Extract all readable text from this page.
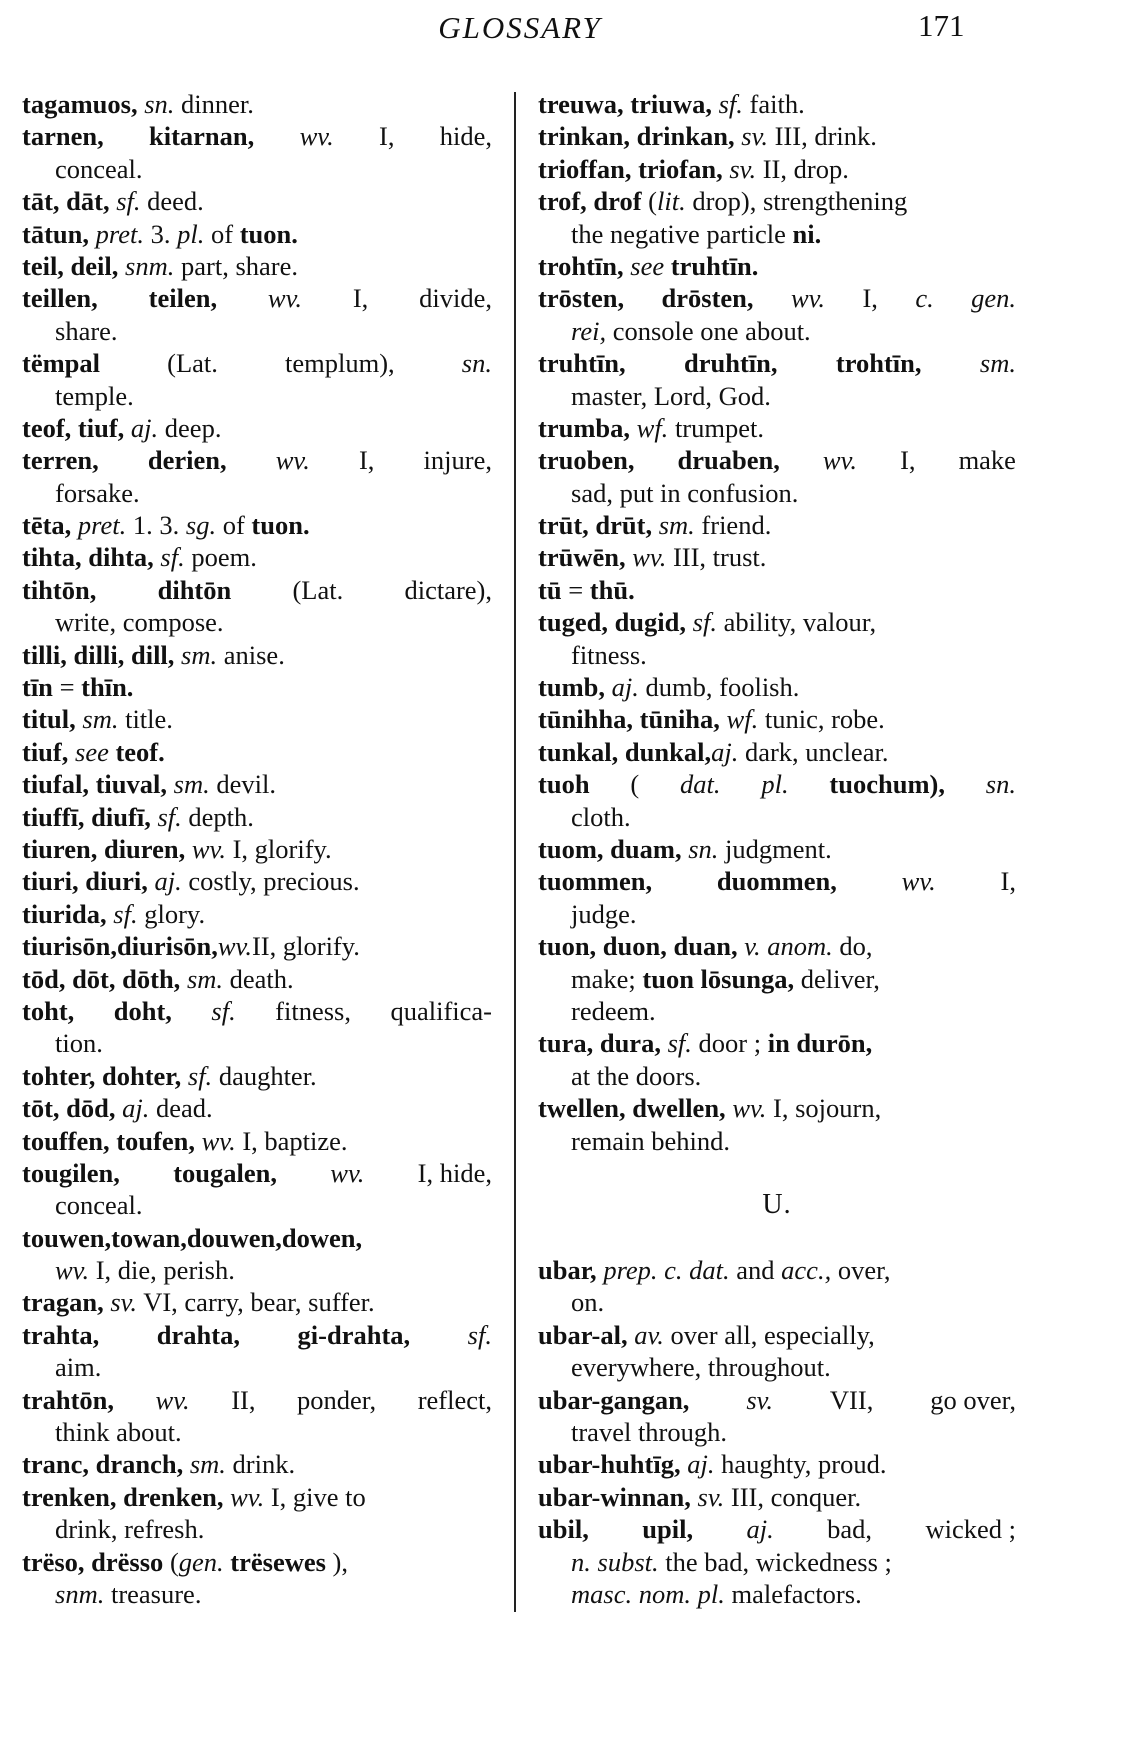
GLOSSARY	171
tagamuos, sn. dinner.
tarnen, kitarnan, wv. I, hide,
conceal.
tāt, dāt, sf. deed.
tātun, pret. 3. pl. of tuon.
teil, deil, snm. part, share.
teillen, teilen, wv. I, divide,
share.
tëmpal	(Lat.	templum),	sn.
temple.
teof, tiuf, aj. deep.
terren, derien, wv. I, injure,
forsake.
tēta, pret. 1. 3. sg. of tuon.
tihta, dihta, sf. poem.
tihtōn, dihtōn (Lat. dictare),
write, compose.
tilli, dilli, dill, sm. anise.
tīn = thīn.
titul, sm. title.
tiuf, see teof.
tiufal, tiuval, sm. devil.
tiuffī, diufī, sf. depth.
tiuren, diuren, wv. I, glorify.
tiuri, diuri, aj. costly, precious.
tiurida, sf. glory.
tiurisōn,diurisōn,wv.II, glorify.
tōd, dōt, dōth, sm. death.
toht, doht, sf. fitness, qualifica-
tion.
tohter, dohter, sf. daughter.
tōt, dōd, aj. dead.
touffen, toufen, wv. I, baptize.
tougilen, tougalen, wv. I, hide,
conceal.
touwen,towan,douwen,dowen,
wv. I, die, perish.
tragan, sv. VI, carry, bear, suffer.
trahta, drahta, gi-drahta, sf.
aim.
trahtōn, wv. II, ponder, reflect,
think about.
tranc, dranch, sm. drink.
trenken, drenken, wv. I, give to
drink, refresh.
trëso, drësso (gen. trësewes ),
snm. treasure.
treuwa, triuwa, sf. faith.
trinkan, drinkan, sv. III, drink.
trioffan, triofan, sv. II, drop.
trof, drof (lit. drop), strengthening
the negative particle ni.
trohtīn, see truhtīn.
trōsten, drōsten, wv. I, c. gen.
rei, console one about.
truhtīn, druhtīn, trohtīn, sm.
master, Lord, God.
trumba, wf. trumpet.
truoben, druaben, wv. I, make
sad, put in confusion.
trūt, drūt, sm. friend.
trūwēn, wv. III, trust.
tū = thū.
tuged, dugid, sf. ability, valour,
fitness.
tumb, aj. dumb, foolish.
tūnihha, tūniha, wf. tunic, robe.
tunkal, dunkal,aj. dark, unclear.
tuoh ( dat. pl. tuochum), sn.
cloth.
tuom, duam, sn. judgment.
tuommen, duommen, wv. I,
judge.
tuon, duon, duan, v. anom. do,
make; tuon lōsunga, deliver,
redeem.
tura, dura, sf. door ; in durōn,
at the doors.
twellen, dwellen, wv. I, sojourn,
remain behind.
U.
ubar, prep. c. dat. and acc., over,
on.
ubar-al, av. over all, especially,
everywhere, throughout.
ubar-gangan, sv. VII, go over,
travel through.
ubar-huhtīg, aj. haughty, proud.
ubar-winnan, sv. III, conquer.
ubil, upil, aj. bad, wicked ;
n. subst. the bad, wickedness ;
masc. nom. pl. malefactors.
